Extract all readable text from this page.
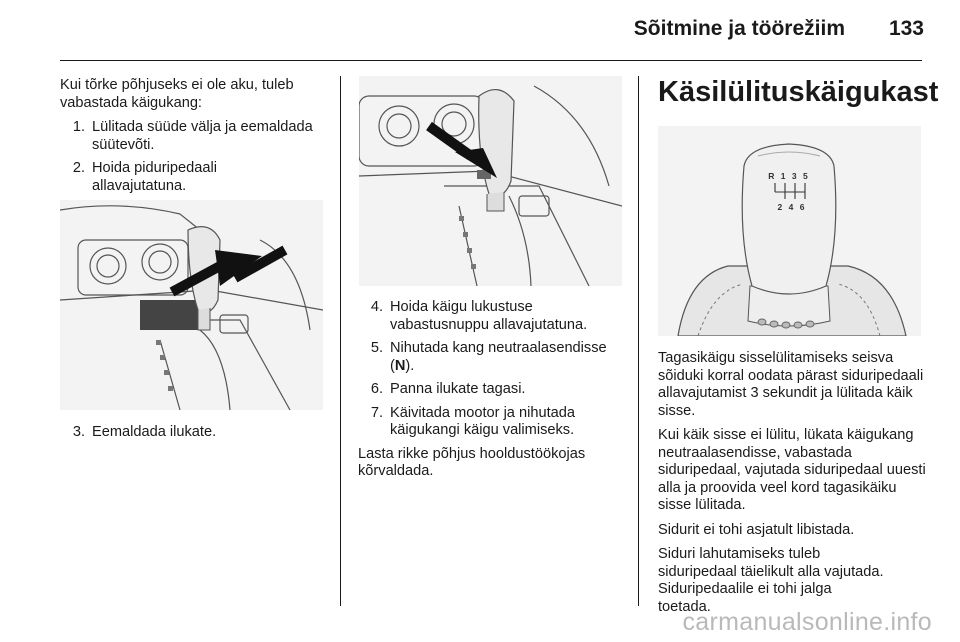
Sõitmine ja töörežiim	133

Kui tõrke põhjuseks ei ole aku, tuleb vabastada käigukang:

1. Lülitada süüde välja ja eemaldada süütevõti.
2. Hoida piduripedaali allavajutatuna.
3. Eemaldada ilukate.
4. Hoida käigu lukustuse vabastusnuppu allavajutatuna.
5. Nihutada kang neutraalasendisse (N).
6. Panna ilukate tagasi.
7. Käivitada mootor ja nihutada käigukangi käigu valimiseks.

Lasta rikke põhjus hooldustöökojas kõrvaldada.

Käsilülituskäigukast
R 1 3 5
2 4 6

Tagasikäigu sisselülitamiseks seisva sõiduki korral oodata pärast siduripedaali allavajutamist 3 sekundit ja lülitada käik sisse.

Kui käik sisse ei lülitu, lükata käigukang neutraalasendisse, vabastada siduripedaal, vajutada siduripedaal uuesti alla ja proovida veel kord tagasikäiku sisse lülitada.

Sidurit ei tohi asjatult libistada.

Siduri lahutamiseks tuleb siduripedaal täielikult alla vajutada. Siduripedaalile ei tohi jalga toetada.

carmanualsonline.info
